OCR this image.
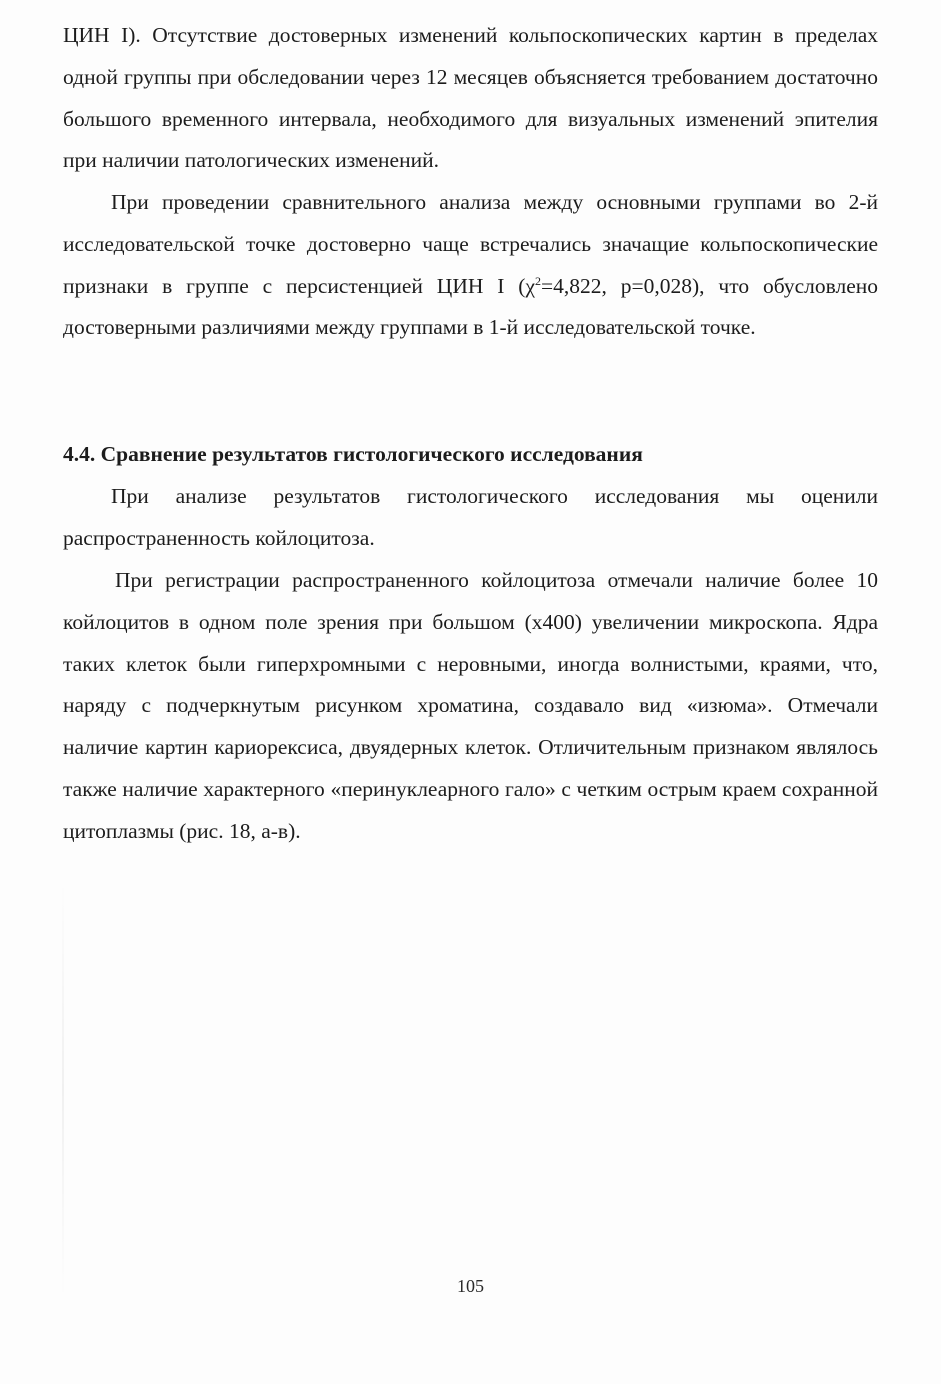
ЦИН I). Отсутствие достоверных изменений кольпоскопических картин в пределах одной группы при обследовании через 12 месяцев объясняется требованием достаточно большого временного интервала, необходимого для визуальных изменений эпителия при наличии патологических изменений.

При проведении сравнительного анализа между основными группами во 2-й исследовательской точке достоверно чаще встречались значащие кольпоскопические признаки в группе с персистенцией ЦИН I ($\chi^2=4,822$, p=0,028), что обусловлено достоверными различиями между группами в 1-й исследовательской точке.

4.4. Сравнение результатов гистологического исследования

При анализе результатов гистологического исследования мы оценили распространенность койлоцитоза.

При регистрации распространенного койлоцитоза отмечали наличие более 10 койлоцитов в одном поле зрения при большом (x400) увеличении микроскопа. Ядра таких клеток были гиперхромными с неровными, иногда волнистыми, краями, что, наряду с подчеркнутым рисунком хроматина, создавало вид «изюма». Отмечали наличие картин кариорексиса, двуядерных клеток. Отличительным признаком являлось также наличие характерного «перинуклеарного гало» с четким острым краем сохранной цитоплазмы (рис. 18, а-в).

105
